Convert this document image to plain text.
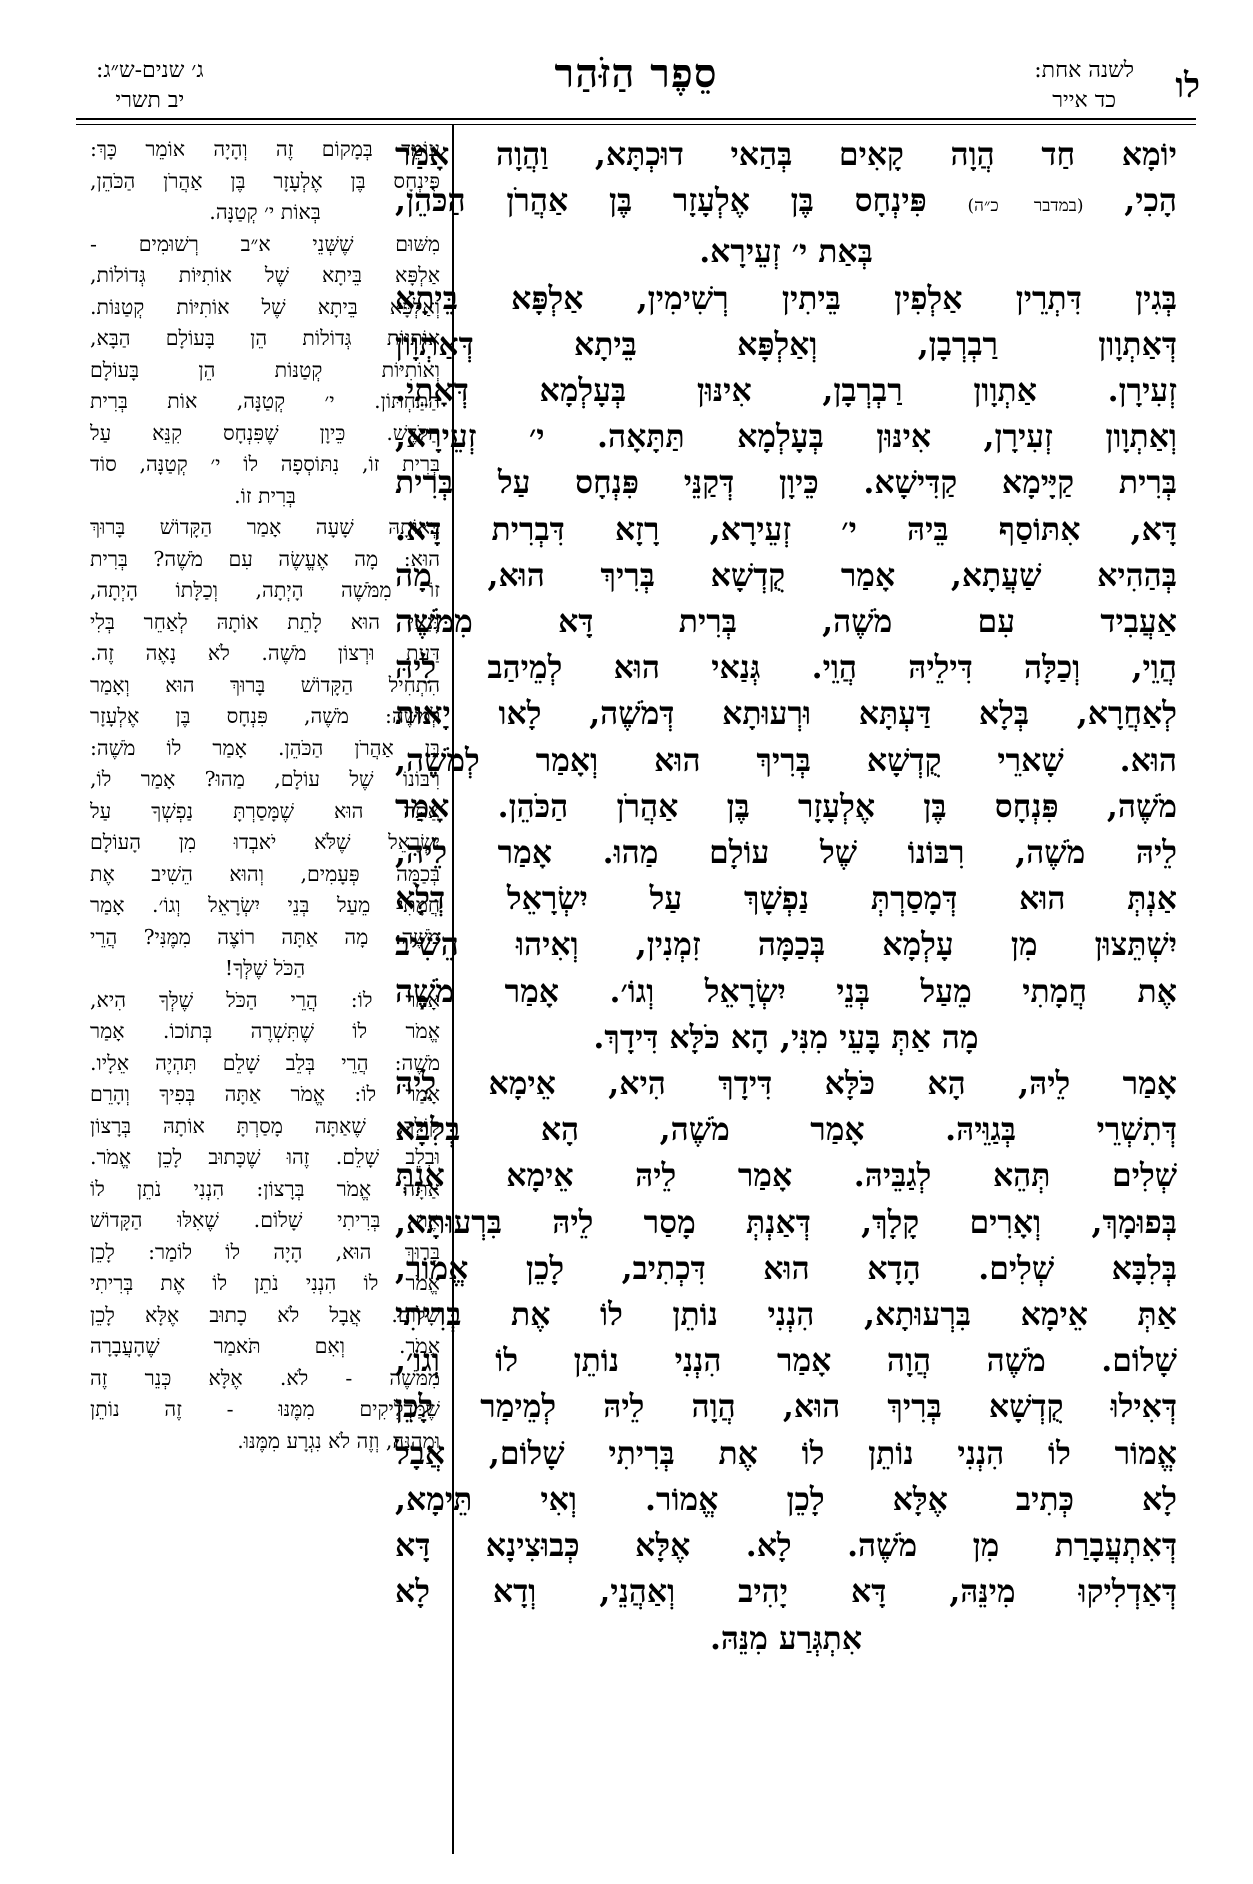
לו
לשנה אחת:
כד אייר
סֵפֶר הַזֹּהַר
ג׳ שנים-ש״ג:
יב תשרי

יוֹמָא חַד הֲוָה קָאִים בְּהַאי דוּכְתָּא, וַהֲוָה אָמַר

הָכִי, (במדבר כ״ה) פִּינְחָס בֶּן אֶלְעָזָר בֶּן אַהֲרֹן הַכֹּהֵן,

בְּאַת י׳ זְעֵירָא.

בְּגִין דִּתְרֵין אַלְפִין בֵּיתִין רְשִׁימִין, אַלְפָּא בֵּיתָא

דְּאַתְוָון רַבְרְבָן, וְאַלְפָּא בֵּיתָא דְּאַתְוָון

זְעִירָן. אַתְוָון רַבְרְבָן, אִינּוּן בְּעָלְמָא דְּאָתֵי.

וְאַתְוָון זְעִירָן, אִינּוּן בְּעָלְמָא תַּתָּאָה. י׳ זְעֵירָא,

בְּרִית קַיָּימָא קַדִּישָׁא. כֵּיוָן דְּקַנֵּי פִּנְחָס עַל בְּרִית

דָּא, אִתּוֹסַף בֵּיהּ י׳ זְעֵירָא, רָזָא דִּבְרִית דָּא.

בְּהַהִיא שַׁעֲתָא, אָמַר קֻדְשָׁא בְּרִיךְ הוּא, מָה

אַעֲבִיד עִם מֹשֶׁה, בְּרִית דָּא מִמֹּשֶׁה

הֲוֵי, וְכַלָּה דִּילֵיהּ הֲוֵי. גְּנַאי הוּא לְמֵיהַב לֵיהּ

לְאַחֲרָא, בְּלָא דַּעְתָּא וּרְעוּתָא דְּמֹשֶׁה, לָאו יָאוּת

הוּא. שָׁארֵי קֻדְשָׁא בְּרִיךְ הוּא וְאָמַר לְמֹשֶׁה,

מֹשֶׁה, פִּנְחָס בֶּן אֶלְעָזָר בֶּן אַהֲרֹן הַכֹּהֵן. אָמַר

לֵיהּ מֹשֶׁה, רִבּוֹנוֹ שֶׁל עוֹלָם מַהוּ. אָמַר לֵיהּ,

אַנְתְּ הוּא דְּמָסַרְתְּ נַפְשָׁךְ עַל יִשְׂרָאֵל דְּלָא

יִשְׁתֵּצוּן מִן עָלְמָא בְּכַמָּה זִמְנִין, וְאִיהוּ הֵשִׁיב

אֶת חֲמָתִי מֵעַל בְּנֵי יִשְׂרָאֵל וְגוֹ׳. אָמַר מֹשֶׁה

מָה אַתְּ בָּעֵי מִנִּי, הָא כֹּלָּא דִּידָךְ.

אָמַר לֵיהּ, הָא כֹּלָּא דִּידָךְ הִיא, אֵימָא לֵיהּ

דְּתִשְׁרֵי בְּגַוֵּיהּ. אָמַר מֹשֶׁה, הָא בְּלִבָּא

שְׁלִים תְּהֵא לְגַבֵּיהּ. אָמַר לֵיהּ אֵימָא אַנְתְּ

בְּפוּמָךְ, וְאָרִים קָלָךְ, דְּאַנְתְּ מָסַר לֵיהּ בִּרְעוּתָא,

בְּלִבָּא שְׁלִים. הָדָא הוּא דִּכְתִיב, לָכֵן אֱמוֹר,

אַתְּ אֵימָא בִּרְעוּתָא, הִנְנִי נוֹתֵן לוֹ אֶת בְּרִיתִי

שָׁלוֹם. מֹשֶׁה הֲוָה אָמַר הִנְנִי נוֹתֵן לוֹ וְגוֹ׳,

דְּאִילוּ קֻדְשָׁא בְּרִיךְ הוּא, הֲוָה לֵיהּ לְמֵימַר לָכֵן

אֱמוֹר לוֹ הִנְנִי נוֹתֵן לוֹ אֶת בְּרִיתִי שָׁלוֹם, אֲבָל

לָא כְּתִיב אֶלָּא לָכֵן אֱמוֹר. וְאִי תֵּימָא,

דְּאִתְעֲבָרַת מִן מֹשֶׁה. לָא. אֶלָּא כְּבוּצִינָא דָּא

דְּאַדְלִיקוּ מִינֵּהּ, דָּא יָהִיב וְאַהֲנֵי, וְדָא לָא

אִתְגְּרַע מִנֵּהּ.

עוֹמֵד בְּמָקוֹם זֶה וְהָיָה אוֹמֵר כָּךְ:

פִּינְחָס בֶּן אֶלְעָזָר בֶּן אַהֲרֹן הַכֹּהֵן,

בְּאוֹת י׳ קְטַנָּה.

מִשּׁוּם שֶׁשְּׁנֵי א״ב רְשׁוּמִים -

אַלְפָּא בֵּיתָא שֶׁל אוֹתִיּוֹת גְּדוֹלוֹת,

וְאַלְפָּא בֵּיתָא שֶׁל אוֹתִיּוֹת קְטַנּוֹת.

אוֹתִיּוֹת גְּדוֹלוֹת הֵן בָּעוֹלָם הַבָּא,

וְאוֹתִיּוֹת קְטַנּוֹת הֵן בָּעוֹלָם

הַתַּחְתּוֹן. י׳ קְטַנָּה, אוֹת בְּרִית

הַקֹּדֶשׁ. כֵּיוָן שֶׁפִּנְחָס קִנֵּא עַל

בְּרִית זוֹ, נִתּוֹסְפָה לוֹ י׳ קְטַנָּה, סוֹד

בְּרִית זוֹ.

בְּאוֹתָהּ שָׁעָה אָמַר הַקָּדוֹשׁ בָּרוּךְ

הוּא: מָה אֶעֱשֶׂה עִם מֹשֶׁה? בְּרִית

זוֹ מִמֹּשֶׁה הָיְתָה, וְכַלָּתוֹ הָיְתָה,

גְּנַאי הוּא לָתֵת אוֹתָהּ לְאַחֵר בְּלִי

דַּעַת וּרְצוֹן מֹשֶׁה. לֹא נָאֶה זֶה.

הִתְחִיל הַקָּדוֹשׁ בָּרוּךְ הוּא וְאָמַר

לְמֹשֶׁה: מֹשֶׁה, פִּנְחָס בֶּן אֶלְעָזָר

בֶּן אַהֲרֹן הַכֹּהֵן. אָמַר לוֹ מֹשֶׁה:

רִבּוֹנוֹ שֶׁל עוֹלָם, מַהוּ? אָמַר לוֹ,

אַתָּה הוּא שֶׁמָּסַרְתָּ נַפְשְׁךָ עַל

יִשְׂרָאֵל שֶׁלֹּא יֹאבְדוּ מִן הָעוֹלָם

בְּכַמָּה פְּעָמִים, וְהוּא הֵשִׁיב אֶת

חֲמָתִי מֵעַל בְּנֵי יִשְׂרָאֵל וְגוֹ׳. אָמַר

מֹשֶׁה: מָה אַתָּה רוֹצֶה מִמֶּנִּי? הֲרֵי

הַכֹּל שֶׁלְּךָ!

אָמַר לוֹ: הֲרֵי הַכֹּל שֶׁלְּךָ הִיא,

אֱמֹר לוֹ שֶׁתִּשְׁרֶה בְּתוֹכוֹ. אָמַר

מֹשֶׁה: הֲרֵי בְּלֵב שָׁלֵם תִּהְיֶה אֵלָיו.

אָמַר לוֹ: אֱמֹר אַתָּה בְּפִיךָ וְהָרֵם

קוֹלְךָ, שֶׁאַתָּה מָסַרְתָּ אוֹתָהּ בְּרָצוֹן

וּבְלֵב שָׁלֵם. זֶהוּ שֶׁכָּתוּב לָכֵן אֱמֹר.

אַתָּה אֱמֹר בְּרָצוֹן: הִנְנִי נֹתֵן לוֹ

אֶת בְּרִיתִי שָׁלוֹם. שֶׁאִלּוּ הַקָּדוֹשׁ

בָּרוּךְ הוּא, הָיָה לוֹ לוֹמַר: לָכֵן

אֱמֹר לוֹ הִנְנִי נֹתֵן לוֹ אֶת בְּרִיתִי

שָׁלוֹם. אֲבָל לֹא כָתוּב אֶלָּא לָכֵן

אֱמֹר. וְאִם תֹּאמַר שֶׁהָעֲבָרָה

מִמֹּשֶׁה - לֹא. אֶלָּא כְּנֵר זֶה

שֶׁמַּדְלִיקִים מִמֶּנּוּ - זֶה נוֹתֵן

וּמְהַנֶּה, וְזֶה לֹא נִגְרָע מִמֶּנּוּ.
